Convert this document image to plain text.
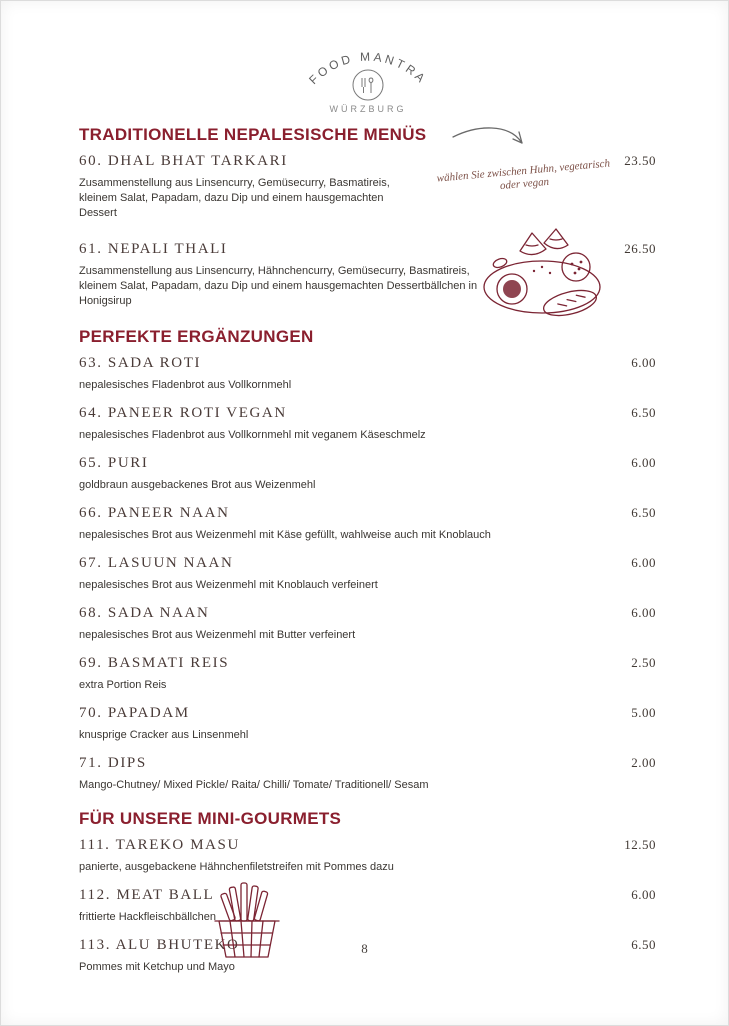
FOOD MANTRA
WÜRZBURG
TRADITIONELLE NEPALESISCHE MENÜS
wählen Sie zwischen Huhn, vegetarisch oder vegan
60. DHAL BHAT TARKARI	23.50
Zusammenstellung aus Linsencurry, Gemüsecurry, Basmatireis, kleinem Salat, Papadam, dazu Dip und einem hausgemachten Dessert
61. NEPALI THALI	26.50
Zusammenstellung aus Linsencurry, Hähnchencurry, Gemüsecurry, Basmatireis, kleinem Salat, Papadam, dazu Dip und einem hausgemachten Dessertbällchen in Honigsirup
PERFEKTE ERGÄNZUNGEN
63. SADA ROTI	6.00
nepalesisches Fladenbrot aus Vollkornmehl
64. PANEER ROTI VEGAN	6.50
nepalesisches Fladenbrot aus Vollkornmehl mit veganem Käseschmelz
65. PURI	6.00
goldbraun ausgebackenes Brot aus Weizenmehl
66. PANEER NAAN	6.50
nepalesisches Brot aus Weizenmehl mit Käse gefüllt, wahlweise auch mit Knoblauch
67. LASUUN NAAN	6.00
nepalesisches Brot aus Weizenmehl mit Knoblauch verfeinert
68. SADA NAAN	6.00
nepalesisches Brot aus Weizenmehl mit Butter verfeinert
69. BASMATI REIS	2.50
extra Portion Reis
70. PAPADAM	5.00
knusprige Cracker aus Linsenmehl
71. DIPS	2.00
Mango-Chutney/ Mixed Pickle/ Raita/ Chilli/ Tomate/ Traditionell/ Sesam
FÜR UNSERE MINI-GOURMETS
111. TAREKO MASU	12.50
panierte, ausgebackene Hähnchenfiletstreifen mit Pommes dazu
112. MEAT BALL	6.00
frittierte Hackfleischbällchen
113. ALU BHUTEKO	6.50
Pommes mit Ketchup und Mayo
8
